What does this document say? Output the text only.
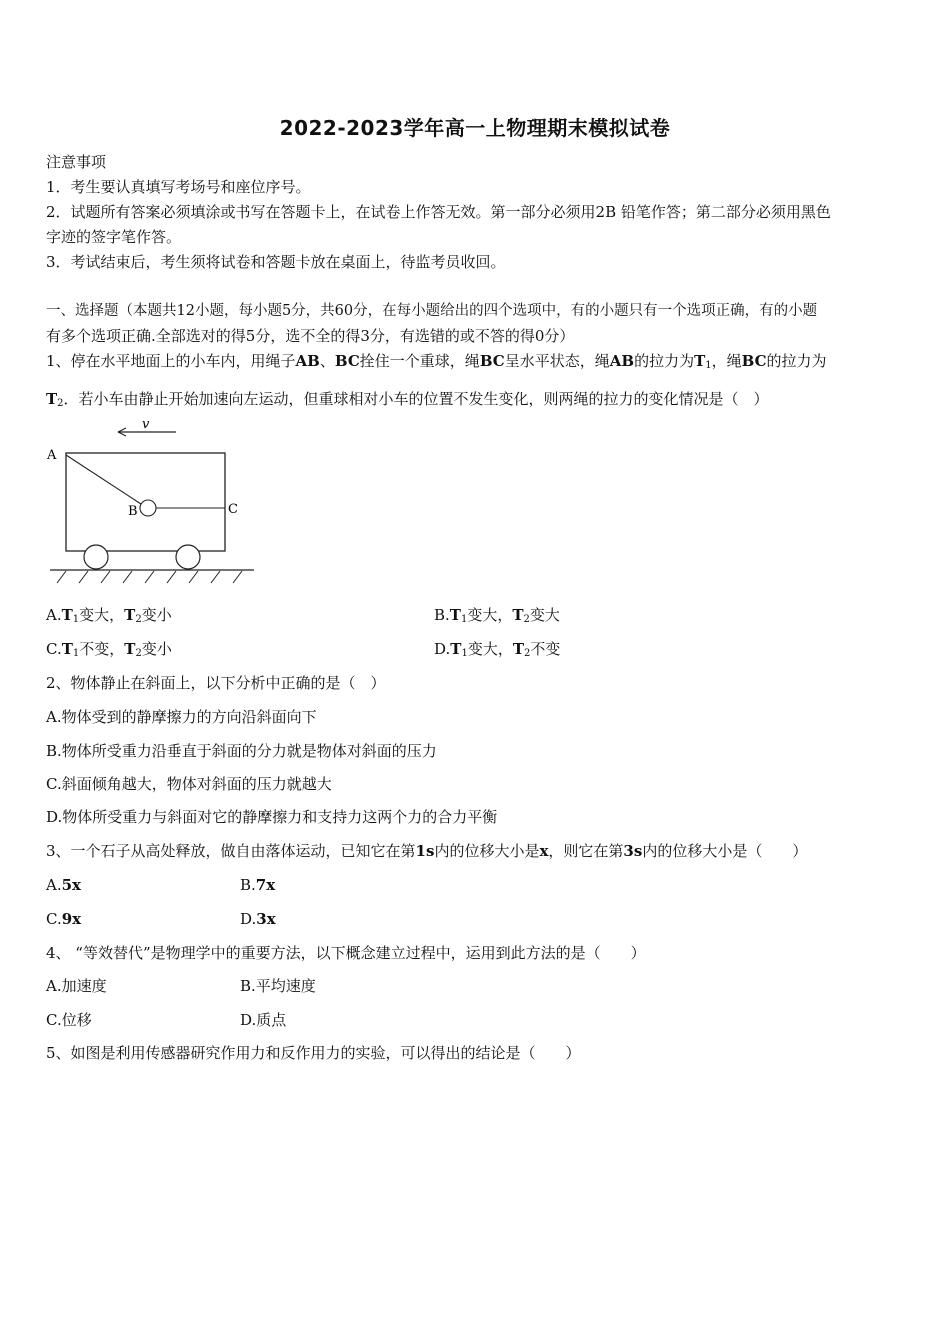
2022-2023学年高一上物理期末模拟试卷
注意事项
1．考生要认真填写考场号和座位序号。
2．试题所有答案必须填涂或书写在答题卡上，在试卷上作答无效。第一部分必须用2B 铅笔作答；第二部分必须用黑色
字迹的签字笔作答。
3．考试结束后，考生须将试卷和答题卡放在桌面上，待监考员收回。
一、选择题（本题共12小题，每小题5分，共60分，在每小题给出的四个选项中，有的小题只有一个选项正确，有的小题
有多个选项正确.全部选对的得5分，选不全的得3分，有选错的或不答的得0分）
1、停在水平地面上的小车内，用绳子AB、BC拴住一个重球，绳BC呈水平状态，绳AB的拉力为$T_1$，绳BC的拉力为
$T_2$．若小车由静止开始加速向左运动，但重球相对小车的位置不发生变化，则两绳的拉力的变化情况是（　）
v
A
B	C
$A.T_1$变大，$T_2$变小	$B.T_1$变大，$T_2$变大
$C.T_1$不变，$T_2$变小	$D.T_1$变大，$T_2$不变
2、物体静止在斜面上，以下分析中正确的是（　）
A.物体受到的静摩擦力的方向沿斜面向下
B.物体所受重力沿垂直于斜面的分力就是物体对斜面的压力
C.斜面倾角越大，物体对斜面的压力就越大
D.物体所受重力与斜面对它的静摩擦力和支持力这两个力的合力平衡
3、一个石子从高处释放，做自由落体运动，已知它在第1s内的位移大小是x，则它在第3s内的位移大小是（　　）
A.5x	B.7x
C.9x	D.3x
4、 “等效替代”是物理学中的重要方法，以下概念建立过程中，运用到此方法的是（　　）
A.加速度	B.平均速度
C.位移	D.质点
5、如图是利用传感器研究作用力和反作用力的实验，可以得出的结论是（　　）
